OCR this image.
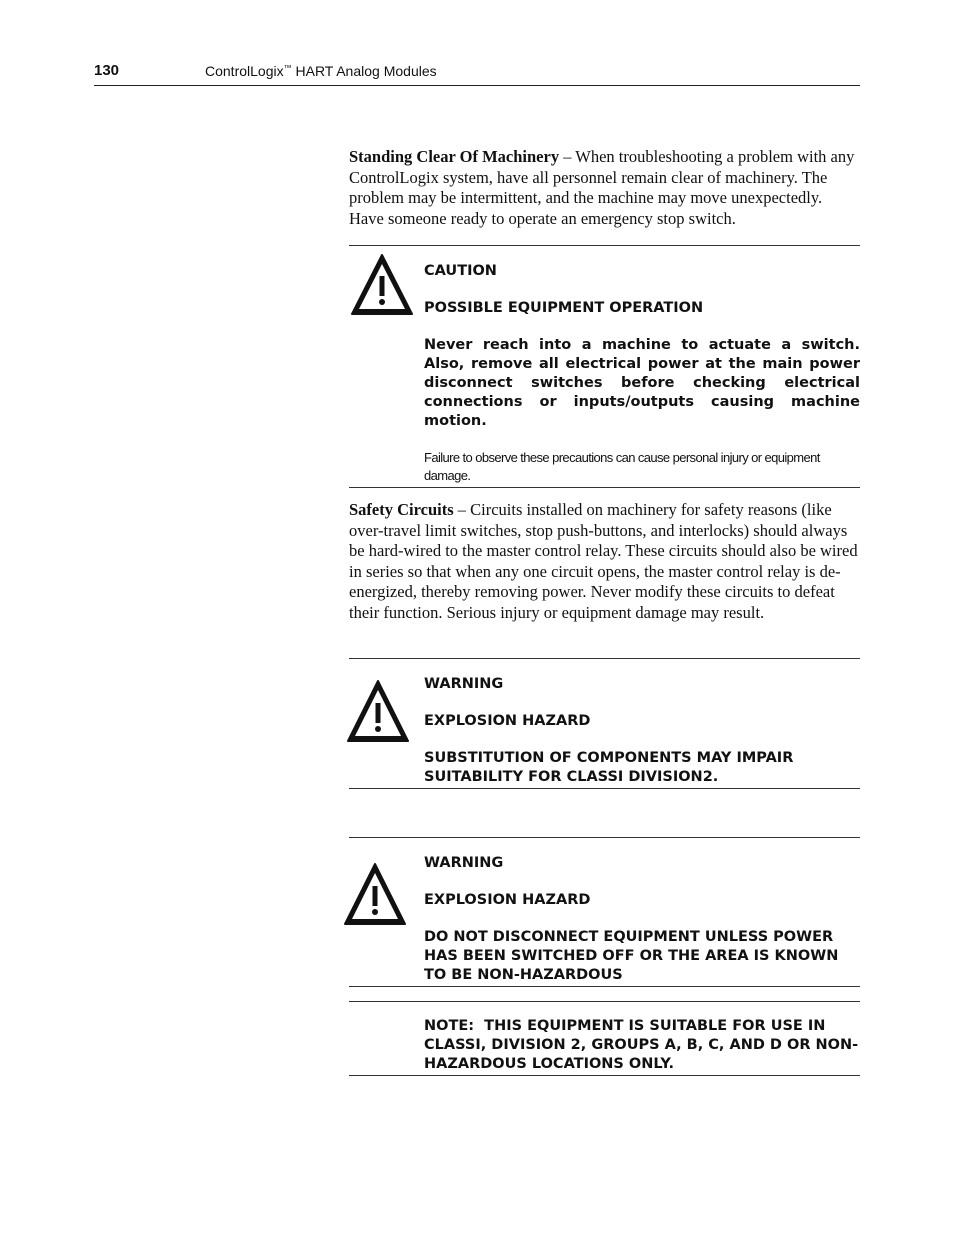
130	ControlLogix™ HART Analog Modules
Standing Clear Of Machinery – When troubleshooting a problem with any ControlLogix system, have all personnel remain clear of machinery. The problem may be intermittent, and the machine may move unexpectedly. Have someone ready to operate an emergency stop switch.

CAUTION

POSSIBLE EQUIPMENT OPERATION

Never reach into a machine to actuate a switch. Also, remove all electrical power at the main power disconnect switches before checking electrical connections or inputs/outputs causing machine motion.

Failure to observe these precautions can cause personal injury or equipment damage.

Safety Circuits – Circuits installed on machinery for safety reasons (like over-travel limit switches, stop push-buttons, and interlocks) should always be hard-wired to the master control relay. These circuits should also be wired in series so that when any one circuit opens, the master control relay is de-energized, thereby removing power. Never modify these circuits to defeat their function. Serious injury or equipment damage may result.

WARNING

EXPLOSION HAZARD

SUBSTITUTION OF COMPONENTS MAY IMPAIR SUITABILITY FOR CLASSI DIVISION2.

WARNING

EXPLOSION HAZARD

DO NOT DISCONNECT EQUIPMENT UNLESS POWER HAS BEEN SWITCHED OFF OR THE AREA IS KNOWN TO BE NON-HAZARDOUS

NOTE: THIS EQUIPMENT IS SUITABLE FOR USE IN CLASSI, DIVISION 2, GROUPS A, B, C, AND D OR NON-HAZARDOUS LOCATIONS ONLY.
